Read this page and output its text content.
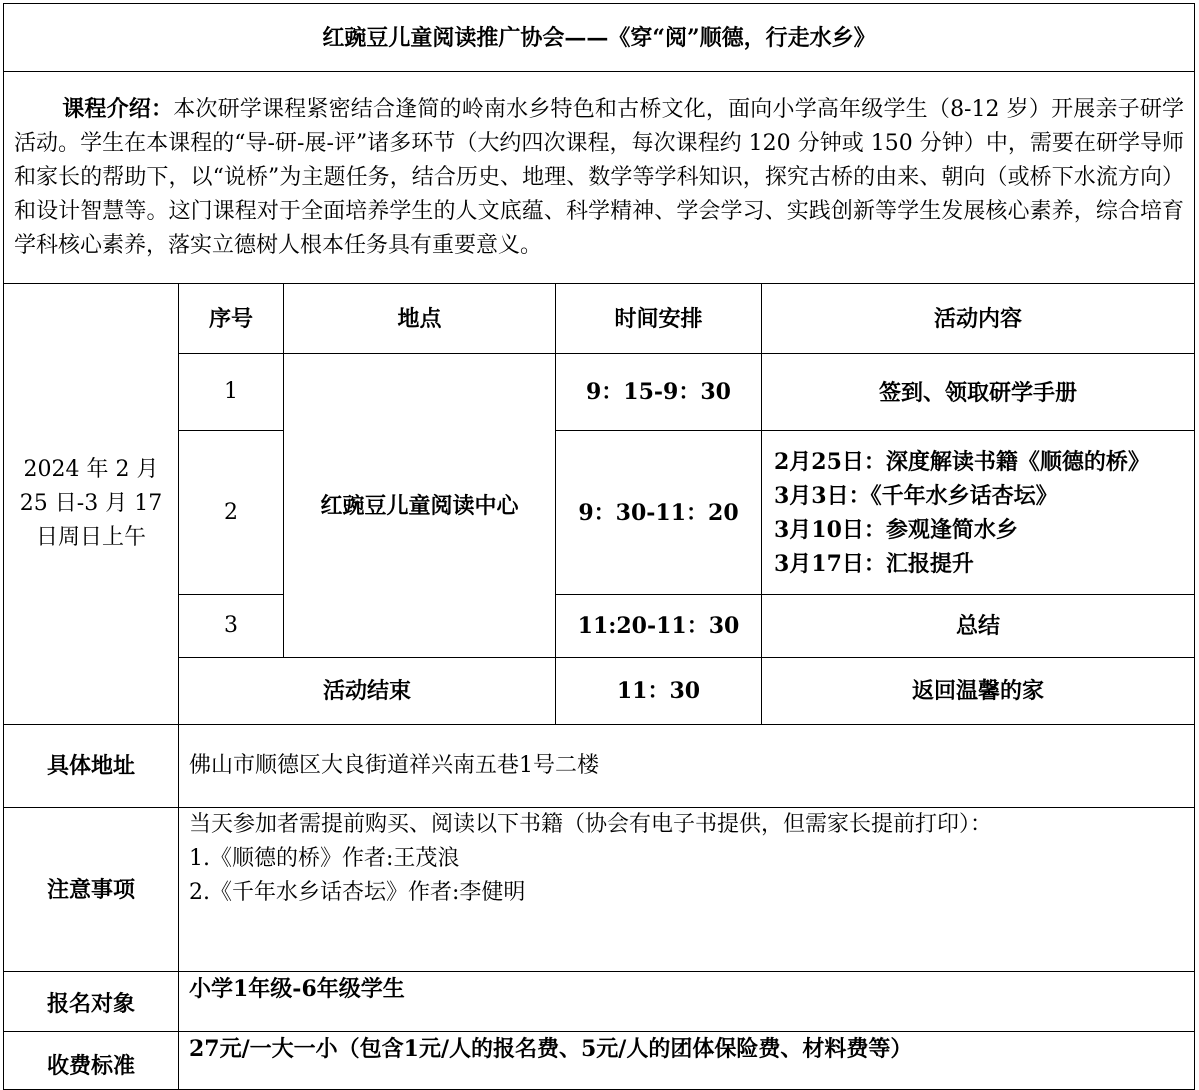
红豌豆儿童阅读推广协会——《穿“阅”顺德，行走水乡》				
课程介绍：本次研学课程紧密结合逢简的岭南水乡特色和古桥文化，面向小学高年级学生（8-12 岁）开展亲子研学活动。学生在本课程的“导-研-展-评”诸多环节（大约四次课程，每次课程约 120 分钟或 150 分钟）中，需要在研学导师和家长的帮助下，以“说桥”为主题任务，结合历史、地理、数学等学科知识，探究古桥的由来、朝向（或桥下水流方向）和设计智慧等。这门课程对于全面培养学生的人文底蕴、科学精神、学会学习、实践创新等学生发展核心素养，综合培育学科核心素养，落实立德树人根本任务具有重要意义。				
2024 年 2 月 25 日-3 月 17 日周日上午	序号	地点	时间安排	活动内容
	1	红豌豆儿童阅读中心	9：15-9：30	签到、领取研学手册
	2		9：30-11：20	2月25日：深度解读书籍《顺德的桥》
3月3日：《千年水乡话杏坛》
3月10日：参观逢简水乡
3月17日：汇报提升

	3		11:20-11：30	总结
	活动结束		11：30	返回温馨的家
具体地址	佛山市顺德区大良街道祥兴南五巷1号二楼			
注意事项	当天参加者需提前购买、阅读以下书籍（协会有电子书提供，但需家长提前打印）：
1.《顺德的桥》作者:王茂浪
2.《千年水乡话杏坛》作者:李健明			

报名对象	小学1年级-6年级学生			
收费标准	27元/一大一小（包含1元/人的报名费、5元/人的团体保险费、材料费等）			
